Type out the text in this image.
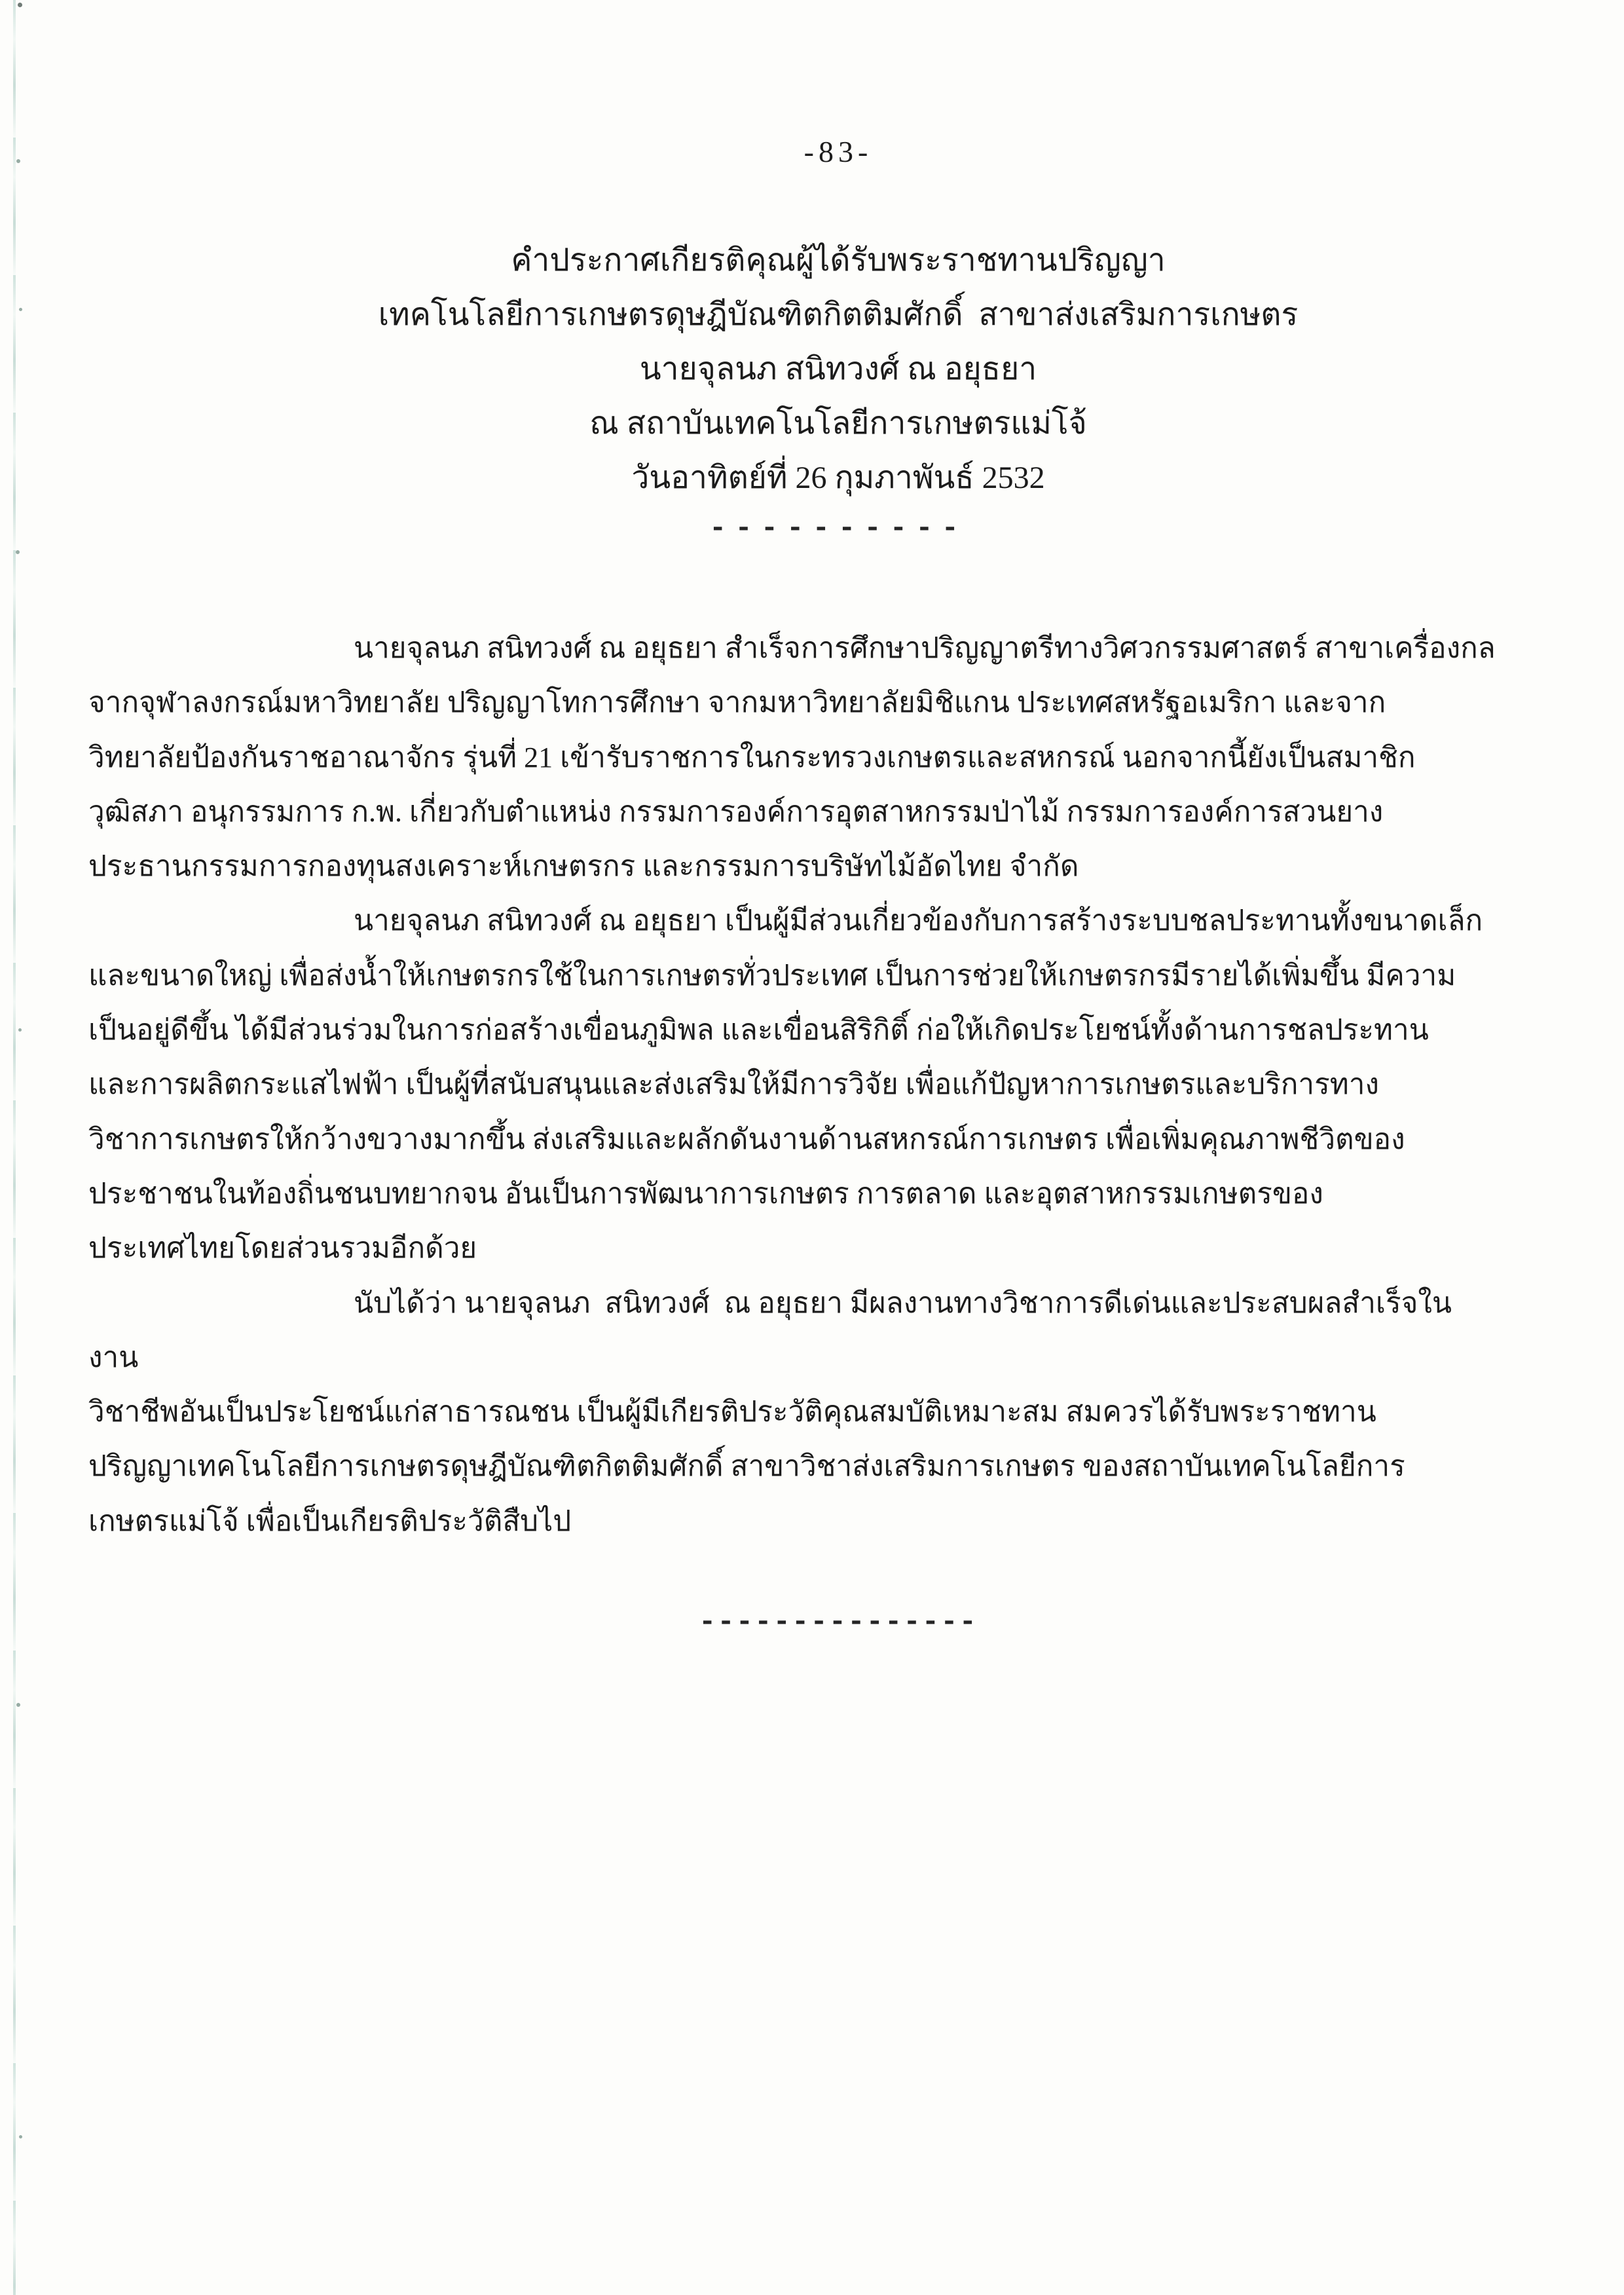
-83-
คำประกาศเกียรติคุณผู้ได้รับพระราชทานปริญญา
เทคโนโลยีการเกษตรดุษฎีบัณฑิตกิตติมศักดิ์  สาขาส่งเสริมการเกษตร
นายจุลนภ สนิทวงศ์ ณ อยุธยา
ณ สถาบันเทคโนโลยีการเกษตรแม่โจ้
วันอาทิตย์ที่ 26 กุมภาพันธ์ 2532
----------
นายจุลนภ สนิทวงศ์ ณ อยุธยา สำเร็จการศึกษาปริญญาตรีทางวิศวกรรมศาสตร์ สาขาเครื่องกล
จากจุฬาลงกรณ์มหาวิทยาลัย ปริญญาโทการศึกษา จากมหาวิทยาลัยมิชิแกน ประเทศสหรัฐอเมริกา และจาก
วิทยาลัยป้องกันราชอาณาจักร รุ่นที่ 21 เข้ารับราชการในกระทรวงเกษตรและสหกรณ์ นอกจากนี้ยังเป็นสมาชิก
วุฒิสภา อนุกรรมการ ก.พ. เกี่ยวกับตำแหน่ง กรรมการองค์การอุตสาหกรรมป่าไม้ กรรมการองค์การสวนยาง
ประธานกรรมการกองทุนสงเคราะห์เกษตรกร และกรรมการบริษัทไม้อัดไทย จำกัด
นายจุลนภ สนิทวงศ์ ณ อยุธยา เป็นผู้มีส่วนเกี่ยวข้องกับการสร้างระบบชลประทานทั้งขนาดเล็ก
และขนาดใหญ่ เพื่อส่งน้ำให้เกษตรกรใช้ในการเกษตรทั่วประเทศ เป็นการช่วยให้เกษตรกรมีรายได้เพิ่มขึ้น มีความ
เป็นอยู่ดีขึ้น ได้มีส่วนร่วมในการก่อสร้างเขื่อนภูมิพล และเขื่อนสิริกิติ์ ก่อให้เกิดประโยชน์ทั้งด้านการชลประทาน
และการผลิตกระแสไฟฟ้า เป็นผู้ที่สนับสนุนและส่งเสริมให้มีการวิจัย เพื่อแก้ปัญหาการเกษตรและบริการทาง
วิชาการเกษตรให้กว้างขวางมากขึ้น ส่งเสริมและผลักดันงานด้านสหกรณ์การเกษตร เพื่อเพิ่มคุณภาพชีวิตของ
ประชาชนในท้องถิ่นชนบทยากจน อันเป็นการพัฒนาการเกษตร การตลาด และอุตสาหกรรมเกษตรของ
ประเทศไทยโดยส่วนรวมอีกด้วย
นับได้ว่า นายจุลนภ  สนิทวงศ์  ณ อยุธยา มีผลงานทางวิชาการดีเด่นและประสบผลสำเร็จในงาน
วิชาชีพอันเป็นประโยชน์แก่สาธารณชน เป็นผู้มีเกียรติประวัติคุณสมบัติเหมาะสม สมควรได้รับพระราชทาน
ปริญญาเทคโนโลยีการเกษตรดุษฎีบัณฑิตกิตติมศักดิ์ สาขาวิชาส่งเสริมการเกษตร ของสถาบันเทคโนโลยีการ
เกษตรแม่โจ้ เพื่อเป็นเกียรติประวัติสืบไป
---------------
